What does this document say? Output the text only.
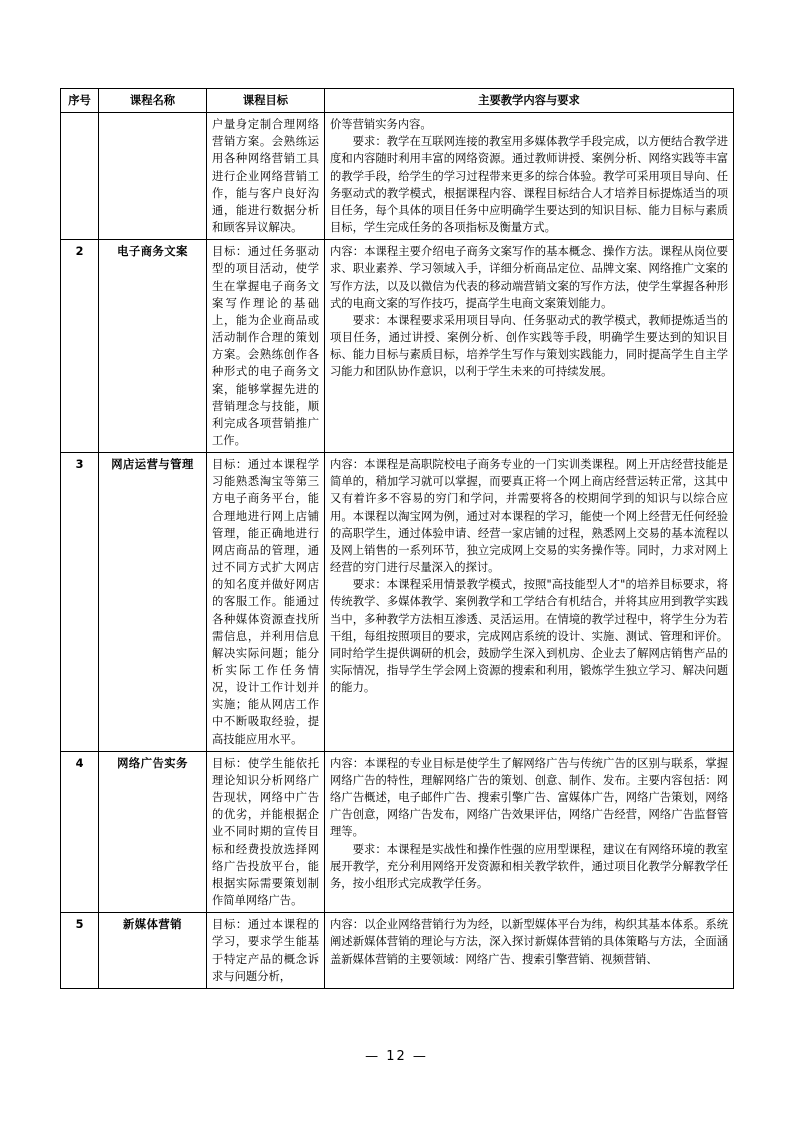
序号	课程名称	课程目标	主要教学内容与要求

		户量身定制合理网络营销方案。会熟练运用各种网络营销工具进行企业网络营销工作，能与客户良好沟通，能进行数据分析和顾客异议解决。	价等营销实务内容。

要求：教学在互联网连接的教室用多媒体教学手段完成，以方便结合教学进度和内容随时利用丰富的网络资源。通过教师讲授、案例分析、网络实践等丰富的教学手段，给学生的学习过程带来更多的综合体验。教学可采用项目导向、任务驱动式的教学模式，根据课程内容、课程目标结合人才培养目标提炼适当的项目任务，每个具体的项目任务中应明确学生要达到的知识目标、能力目标与素质目标，学生完成任务的各项指标及衡量方式。

2	电子商务文案	目标：通过任务驱动型的项目活动，使学生在掌握电子商务文案写作理论的基础上，能为企业商品或活动制作合理的策划方案。会熟练创作各种形式的电子商务文案，能够掌握先进的营销理念与技能，顺利完成各项营销推广工作。	内容：本课程主要介绍电子商务文案写作的基本概念、操作方法。课程从岗位要求、职业素养、学习领域入手，详细分析商品定位、品牌文案、网络推广文案的写作方法，以及以微信为代表的移动端营销文案的写作方法，使学生掌握各种形式的电商文案的写作技巧，提高学生电商文案策划能力。

要求：本课程要求采用项目导向、任务驱动式的教学模式，教师提炼适当的项目任务，通过讲授、案例分析、创作实践等手段，明确学生要达到的知识目标、能力目标与素质目标，培养学生写作与策划实践能力，同时提高学生自主学习能力和团队协作意识，以利于学生未来的可持续发展。

3	网店运营与管理	目标：通过本课程学习能熟悉淘宝等第三方电子商务平台，能合理地进行网上店铺管理，能正确地进行网店商品的管理，通过不同方式扩大网店的知名度并做好网店的客服工作。能通过各种媒体资源查找所需信息，并利用信息解决实际问题；能分析实际工作任务情况，设计工作计划并实施；能从网店工作中不断吸取经验，提高技能应用水平。	内容：本课程是高职院校电子商务专业的一门实训类课程。网上开店经营技能是简单的，稍加学习就可以掌握，而要真正将一个网上商店经营运转正常，这其中又有着许多不容易的穷门和学问，并需要将各的校期间学到的知识与以综合应用。本课程以淘宝网为例，通过对本课程的学习，能使一个网上经营无任何经验的高职学生，通过体验申请、经营一家店铺的过程，熟悉网上交易的基本流程以及网上销售的一系列环节，独立完成网上交易的实务操作等。同时，力求对网上经营的穷门进行尽量深入的探讨。

要求：本课程采用情景教学模式，按照"高技能型人才"的培养目标要求，将传统教学、多媒体教学、案例教学和工学结合有机结合，并将其应用到教学实践当中，多种教学方法相互渗透、灵活运用。在情境的教学过程中，将学生分为若干组，每组按照项目的要求，完成网店系统的设计、实施、测试、管理和评价。同时给学生提供调研的机会，鼓励学生深入到机房、企业去了解网店销售产品的实际情况，指导学生学会网上资源的搜索和利用，锻炼学生独立学习、解决问题的能力。

4	网络广告实务	目标：使学生能依托理论知识分析网络广告现状，网络中广告的优劣，并能根据企业不同时期的宣传目标和经费投放选择网络广告投放平台，能根据实际需要策划制作简单网络广告。	内容：本课程的专业目标是使学生了解网络广告与传统广告的区别与联系，掌握网络广告的特性，理解网络广告的策划、创意、制作、发布。主要内容包括：网络广告概述，电子邮件广告、搜索引擎广告、富媒体广告，网络广告策划，网络广告创意，网络广告发布，网络广告效果评估，网络广告经营，网络广告监督管理等。

要求：本课程是实战性和操作性强的应用型课程，建议在有网络环境的教室展开教学，充分利用网络开发资源和相关教学软件，通过项目化教学分解教学任务，按小组形式完成教学任务。

5	新媒体营销	目标：通过本课程的学习，要求学生能基于特定产品的概念诉求与问题分析，	内容：以企业网络营销行为为经，以新型媒体平台为纬，构织其基本体系。系统阐述新媒体营销的理论与方法，深入探讨新媒体营销的具体策略与方法，全面涵盖新媒体营销的主要领域：网络广告、搜索引擎营销、视频营销、

— 12 —
